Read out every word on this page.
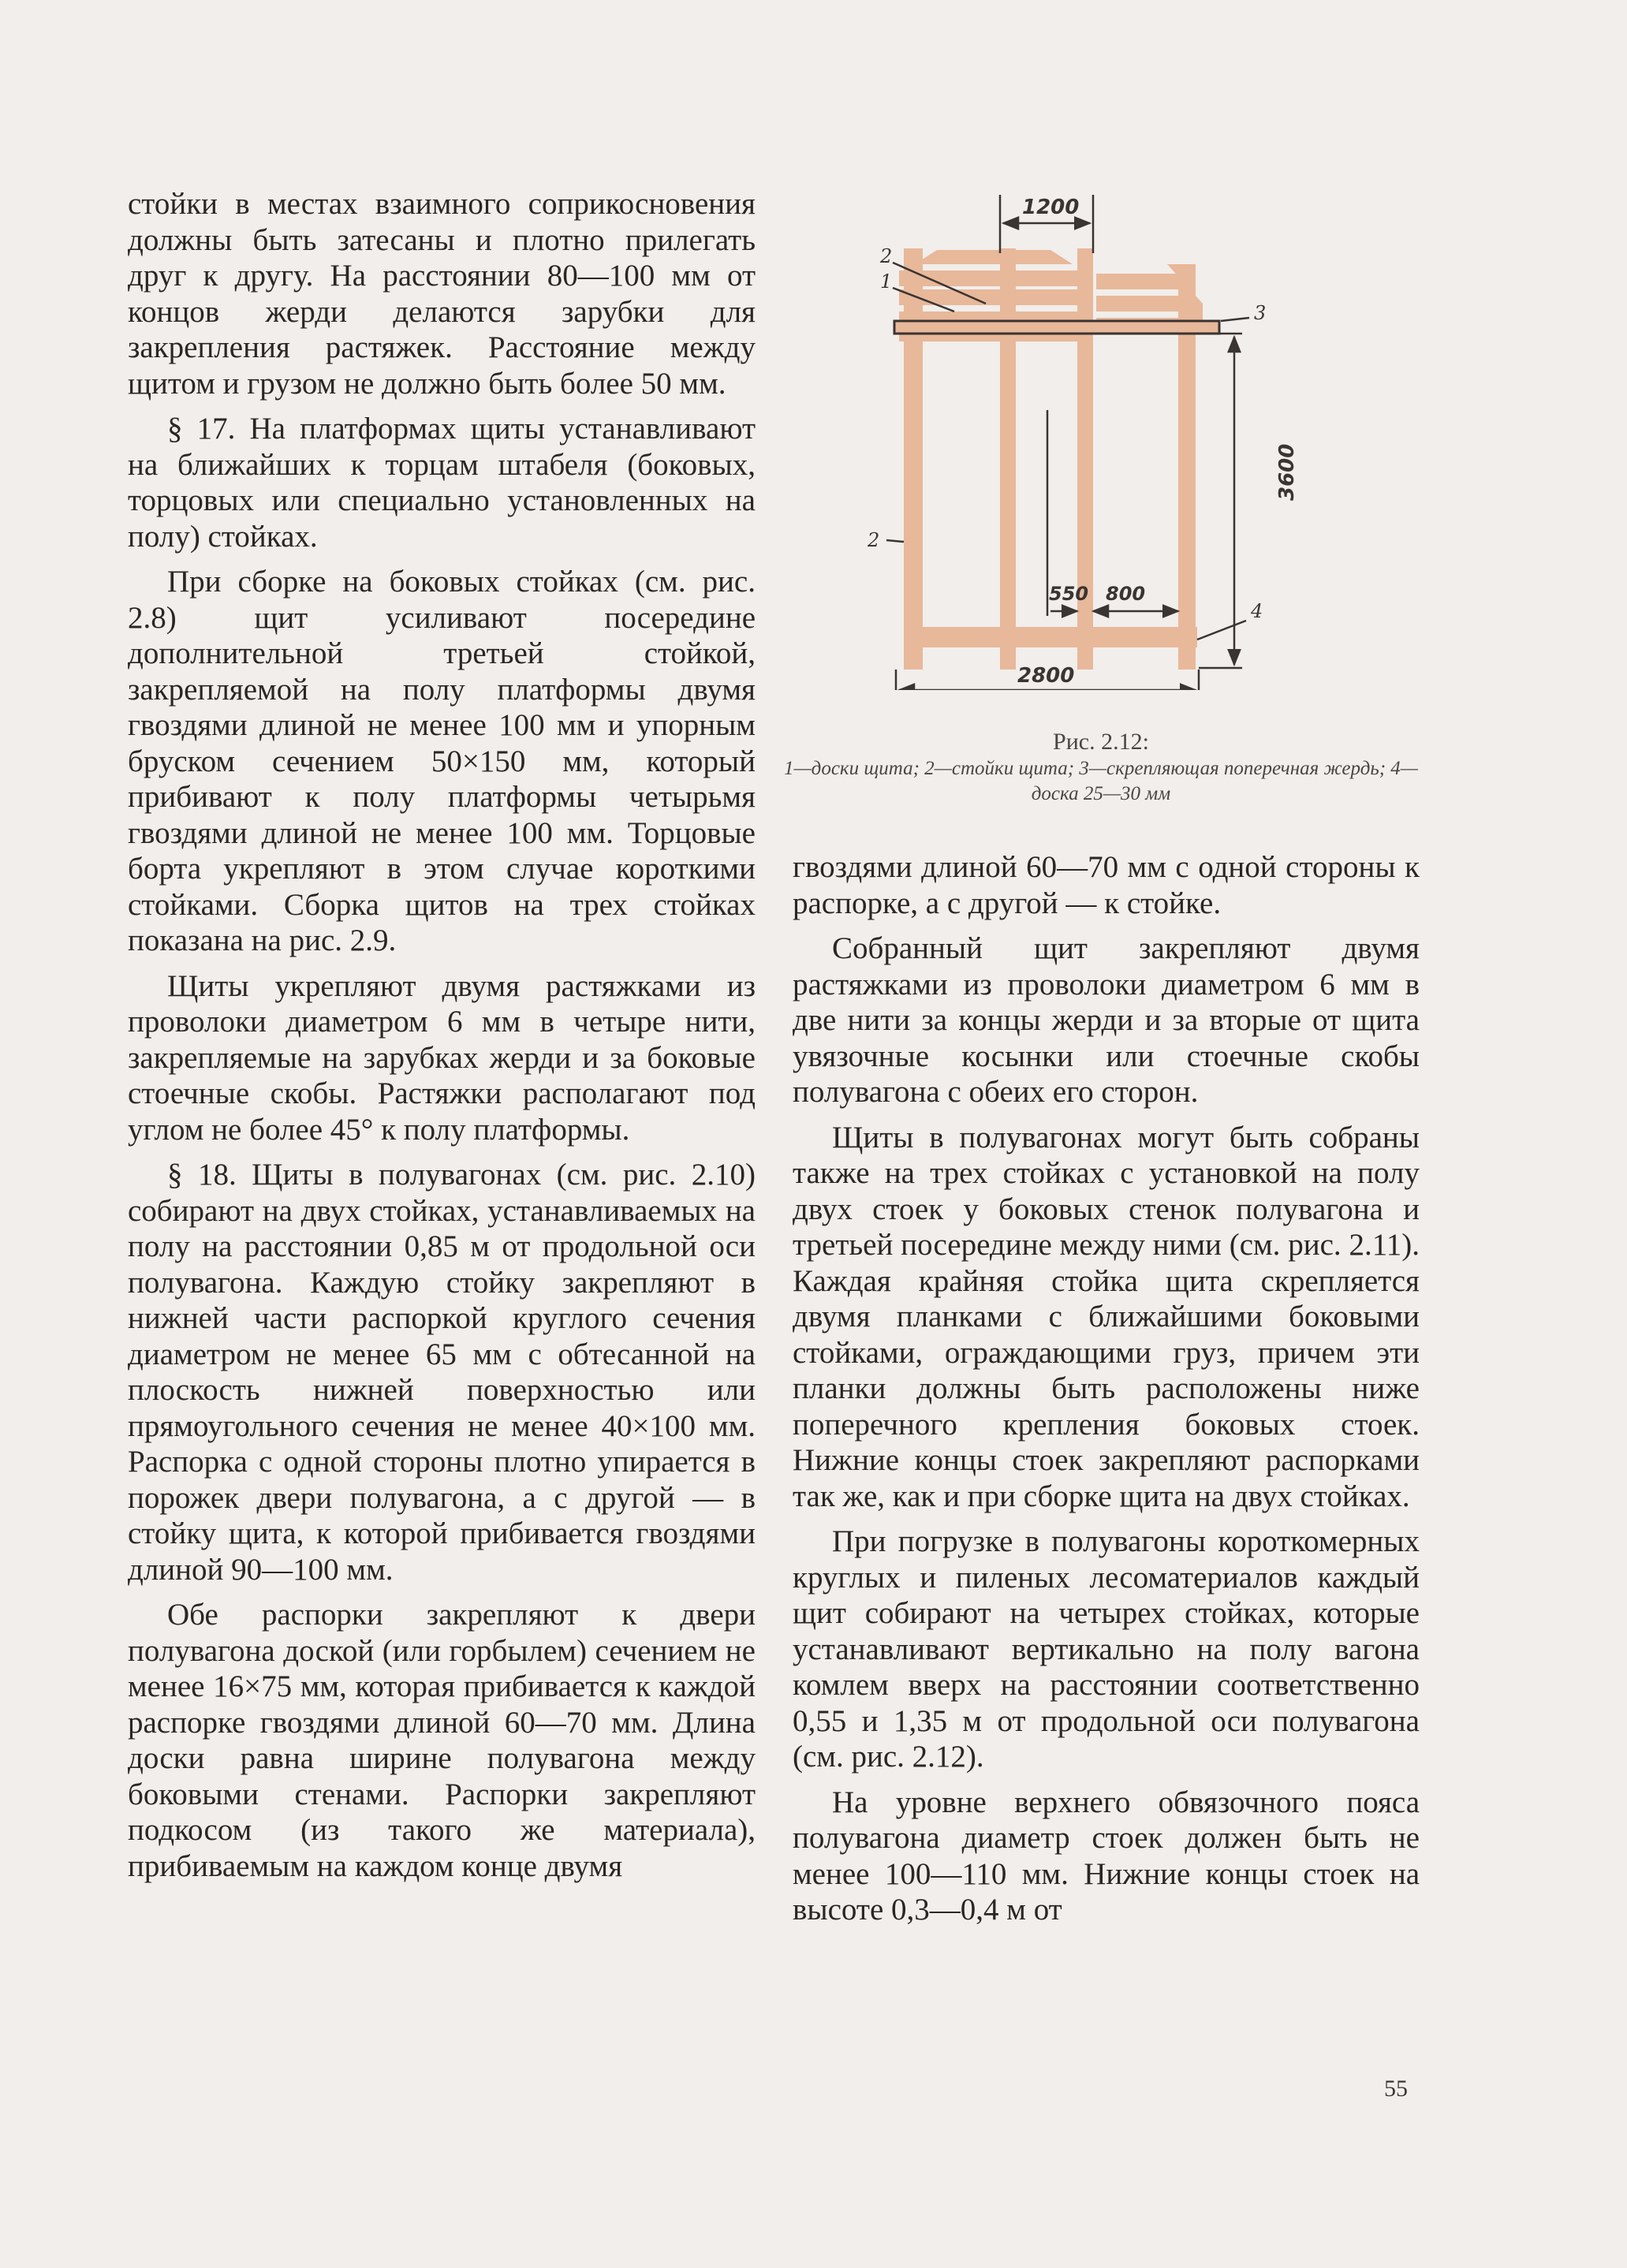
стойки в местах взаимного соприкосновения должны быть затесаны и плотно прилегать друг к другу. На расстоянии 80—100 мм от концов жерди делаются зарубки для закрепления растяжек. Расстояние между щитом и грузом не должно быть более 50 мм.

§ 17. На платформах щиты устанавливают на ближайших к торцам штабеля (боковых, торцовых или специально установленных на полу) стойках.

При сборке на боковых стойках (см. рис. 2.8) щит усиливают посередине дополнительной третьей стойкой, закрепляемой на полу платформы двумя гвоздями длиной не менее 100 мм и упорным бруском сечением 50×150 мм, который прибивают к полу платформы четырьмя гвоздями длиной не менее 100 мм. Торцовые борта укрепляют в этом случае короткими стойками. Сборка щитов на трех стойках показана на рис. 2.9.

Щиты укрепляют двумя растяжками из проволоки диаметром 6 мм в четыре нити, закрепляемые на зарубках жерди и за боковые стоечные скобы. Растяжки располагают под углом не более 45° к полу платформы.

§ 18. Щиты в полувагонах (см. рис. 2.10) собирают на двух стойках, устанавливаемых на полу на расстоянии 0,85 м от продольной оси полувагона. Каждую стойку закрепляют в нижней части распоркой круглого сечения диаметром не менее 65 мм с обтесанной на плоскость нижней поверхностью или прямоугольного сечения не менее 40×100 мм. Распорка с одной стороны плотно упирается в порожек двери полувагона, а с другой — в стойку щита, к которой прибивается гвоздями длиной 90—100 мм.

Обе распорки закрепляют к двери полувагона доской (или горбылем) сечением не менее 16×75 мм, которая прибивается к каждой распорке гвоздями длиной 60—70 мм. Длина доски равна ширине полувагона между боковыми стенами. Распорки закрепляют подкосом (из такого же материала), прибиваемым на каждом конце двумя

гвоздями длиной 60—70 мм с одной стороны к распорке, а с другой — к стойке.

Собранный щит закрепляют двумя растяжками из проволоки диаметром 6 мм в две нити за концы жерди и за вторые от щита увязочные косынки или стоечные скобы полувагона с обеих его сторон.

Щиты в полувагонах могут быть собраны также на трех стойках с установкой на полу двух стоек у боковых стенок полувагона и третьей посередине между ними (см. рис. 2.11). Каждая крайняя стойка щита скрепляется двумя планками с ближайшими боковыми стойками, ограждающими груз, причем эти планки должны быть расположены ниже поперечного крепления боковых стоек. Нижние концы стоек закрепляют распорками так же, как и при сборке щита на двух стойках.

При погрузке в полувагоны короткомерных круглых и пиленых лесоматериалов каждый щит собирают на четырех стойках, которые устанавливают вертикально на полу вагона комлем вверх на расстоянии соответственно 0,55 и 1,35 м от продольной оси полувагона (см. рис. 2.12).

На уровне верхнего обвязочного пояса полувагона диаметр стоек должен быть не менее 100—110 мм. Нижние концы стоек на высоте 0,3—0,4 м от

1200
3600
550 800
2800
2
1
3
2
4
Рис. 2.12:
1—доски щита; 2—стойки щита; 3—скрепляющая поперечная жердь; 4—доска 25—30 мм
55
